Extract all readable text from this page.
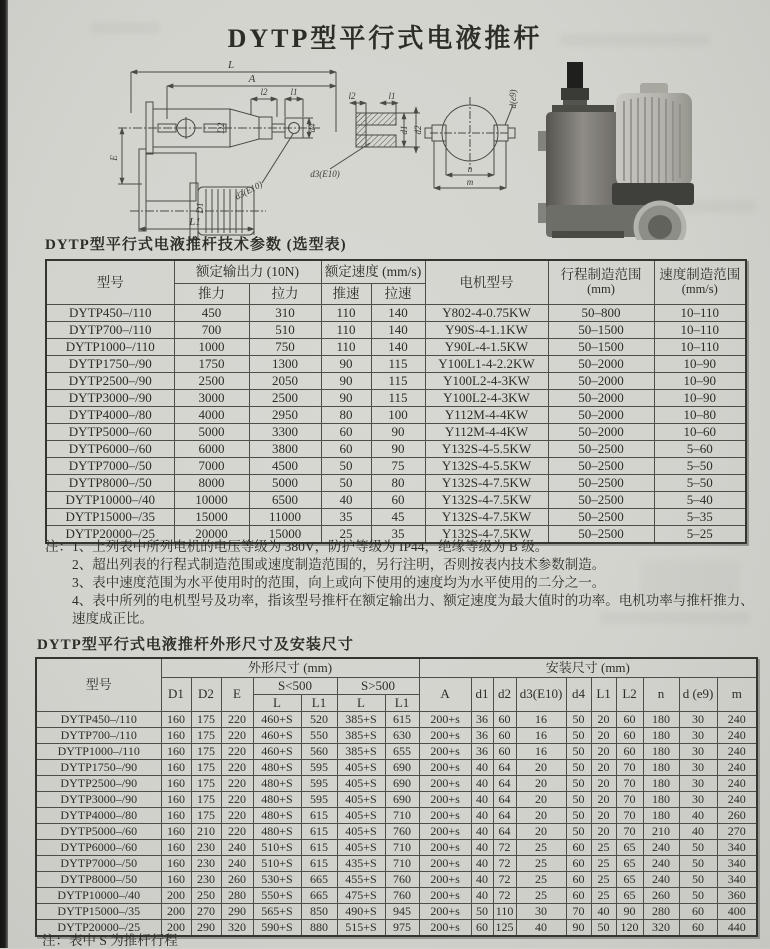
DYTP型平行式电液推杆
L
A
l2	l1
D2	d4
d3(E10)
E
D1
L1
l2	l1
d3(E10)
d1 d2
d(e9)
n
m
DYTP型平行式电液推杆技术参数 (选型表)
型号	额定输出力 (10N)	额定速度 (mm/s)	电机型号	行程制造范围
(mm)

速度制造范围
(mm/s)

	推力	拉力	推速	拉速			
DYTP450–/110	450	310	110	140	Y802-4-0.75KW	50–800	10–110
DYTP700–/110	700	510	110	140	Y90S-4-1.1KW	50–1500	10–110
DYTP1000–/110	1000	750	110	140	Y90L-4-1.5KW	50–1500	10–110
DYTP1750–/90	1750	1300	90	115	Y100L1-4-2.2KW	50–2000	10–90
DYTP2500–/90	2500	2050	90	115	Y100L2-4-3KW	50–2000	10–90
DYTP3000–/90	3000	2500	90	115	Y100L2-4-3KW	50–2000	10–90
DYTP4000–/80	4000	2950	80	100	Y112M-4-4KW	50–2000	10–80
DYTP5000–/60	5000	3300	60	90	Y112M-4-4KW	50–2000	10–60
DYTP6000–/60	6000	3800	60	90	Y132S-4-5.5KW	50–2500	5–60
DYTP7000–/50	7000	4500	50	75	Y132S-4-5.5KW	50–2500	5–50
DYTP8000–/50	8000	5000	50	80	Y132S-4-7.5KW	50–2500	5–50
DYTP10000–/40	10000	6500	40	60	Y132S-4-7.5KW	50–2500	5–40
DYTP15000–/35	15000	11000	35	45	Y132S-4-7.5KW	50–2500	5–35
DYTP20000–/25	20000	15000	25	35	Y132S-4-7.5KW	50–2500	5–25
注：1、上列表中所列电机的电压等级为 380V，防护等级为 IP44，绝缘等级为 B 级。
2、超出列表的行程式制造范围或速度制造范围的，另行注明，否则按表内技术参数制造。
3、表中速度范围为水平使用时的范围，向上或向下使用的速度均为水平使用的二分之一。
4、表中所列的电机型号及功率，指该型号推杆在额定输出力、额定速度为最大值时的功率。电机功率与推杆推力、
速度成正比。
DYTP型平行式电液推杆外形尺寸及安装尺寸
型号	外形尺寸 (mm)							安装尺寸 (mm)									
	D1	D2	E	S<500		S>500		A	d1	d2	d3(E10)	d4	L1	L2	n	d (e9)	m
				L	L1	L	L1										
DYTP450–/110	160	175	220	460+S	520	385+S	615	200+s	36	60	16	50	20	60	180	30	240
DYTP700–/110	160	175	220	460+S	550	385+S	630	200+s	36	60	16	50	20	60	180	30	240
DYTP1000–/110	160	175	220	460+S	560	385+S	655	200+s	36	60	16	50	20	60	180	30	240
DYTP1750–/90	160	175	220	480+S	595	405+S	690	200+s	40	64	20	50	20	70	180	30	240
DYTP2500–/90	160	175	220	480+S	595	405+S	690	200+s	40	64	20	50	20	70	180	30	240
DYTP3000–/90	160	175	220	480+S	595	405+S	690	200+s	40	64	20	50	20	70	180	30	240
DYTP4000–/80	160	175	220	480+S	615	405+S	710	200+s	40	64	20	50	20	70	180	40	260
DYTP5000–/60	160	210	220	480+S	615	405+S	760	200+s	40	64	20	50	20	70	210	40	270
DYTP6000–/60	160	230	240	510+S	615	405+S	710	200+s	40	72	25	60	25	65	240	50	340
DYTP7000–/50	160	230	240	510+S	615	435+S	710	200+s	40	72	25	60	25	65	240	50	340
DYTP8000–/50	160	230	260	530+S	665	455+S	760	200+s	40	72	25	60	25	65	240	50	340
DYTP10000–/40	200	250	280	550+S	665	475+S	760	200+s	40	72	25	60	25	65	260	50	360
DYTP15000–/35	200	270	290	565+S	850	490+S	945	200+s	50	110	30	70	40	90	280	60	400
DYTP20000–/25	200	290	320	590+S	880	515+S	975	200+s	60	125	40	90	50	120	320	60	440
注：表中 S 为推杆行程
